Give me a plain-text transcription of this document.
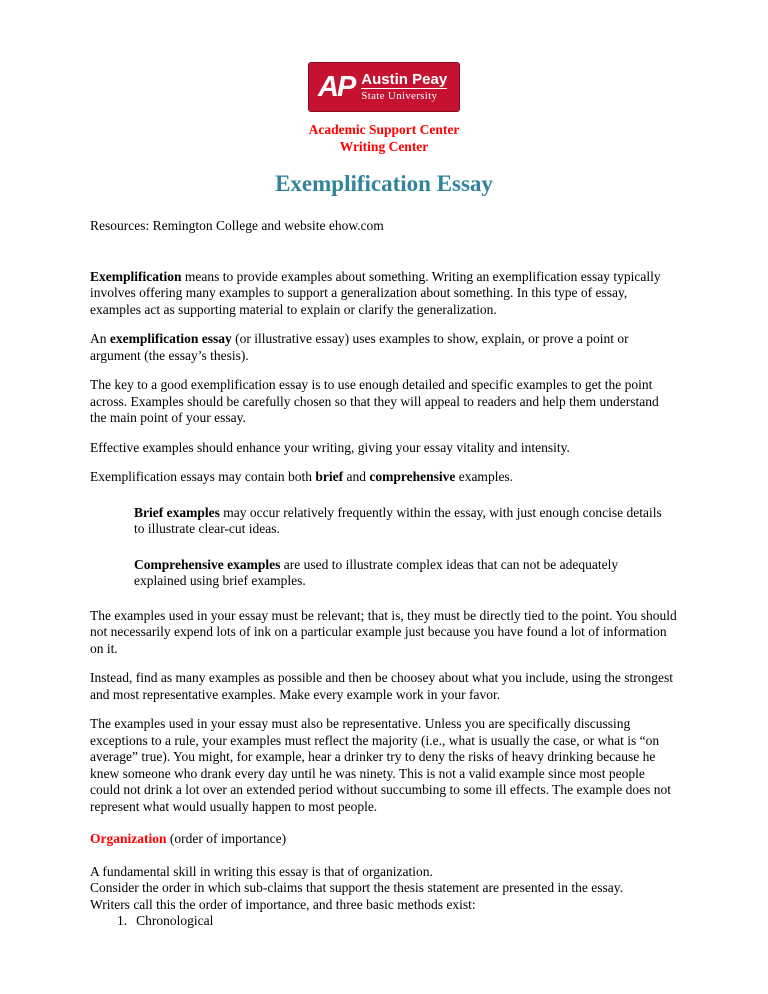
AP Austin Peay
State University
Academic Support Center
Writing Center
Exemplification Essay

Resources: Remington College and website ehow.com

Exemplification means to provide examples about something. Writing an exemplification essay typically involves offering many examples to support a generalization about something. In this type of essay, examples act as supporting material to explain or clarify the generalization.

An exemplification essay (or illustrative essay) uses examples to show, explain, or prove a point or argument (the essay’s thesis).

The key to a good exemplification essay is to use enough detailed and specific examples to get the point across. Examples should be carefully chosen so that they will appeal to readers and help them understand the main point of your essay.

Effective examples should enhance your writing, giving your essay vitality and intensity.

Exemplification essays may contain both brief and comprehensive examples.

Brief examples may occur relatively frequently within the essay, with just enough concise details to illustrate clear-cut ideas.

Comprehensive examples are used to illustrate complex ideas that can not be adequately explained using brief examples.

The examples used in your essay must be relevant; that is, they must be directly tied to the point. You should not necessarily expend lots of ink on a particular example just because you have found a lot of information on it.

Instead, find as many examples as possible and then be choosey about what you include, using the strongest and most representative examples. Make every example work in your favor.

The examples used in your essay must also be representative. Unless you are specifically discussing exceptions to a rule, your examples must reflect the majority (i.e., what is usually the case, or what is “on average” true). You might, for example, hear a drinker try to deny the risks of heavy drinking because he knew someone who drank every day until he was ninety. This is not a valid example since most people could not drink a lot over an extended period without succumbing to some ill effects. The example does not represent what would usually happen to most people.

Organization (order of importance)

A fundamental skill in writing this essay is that of organization.

Consider the order in which sub-claims that support the thesis statement are presented in the essay.

Writers call this the order of importance, and three basic methods exist:

1. Chronological
